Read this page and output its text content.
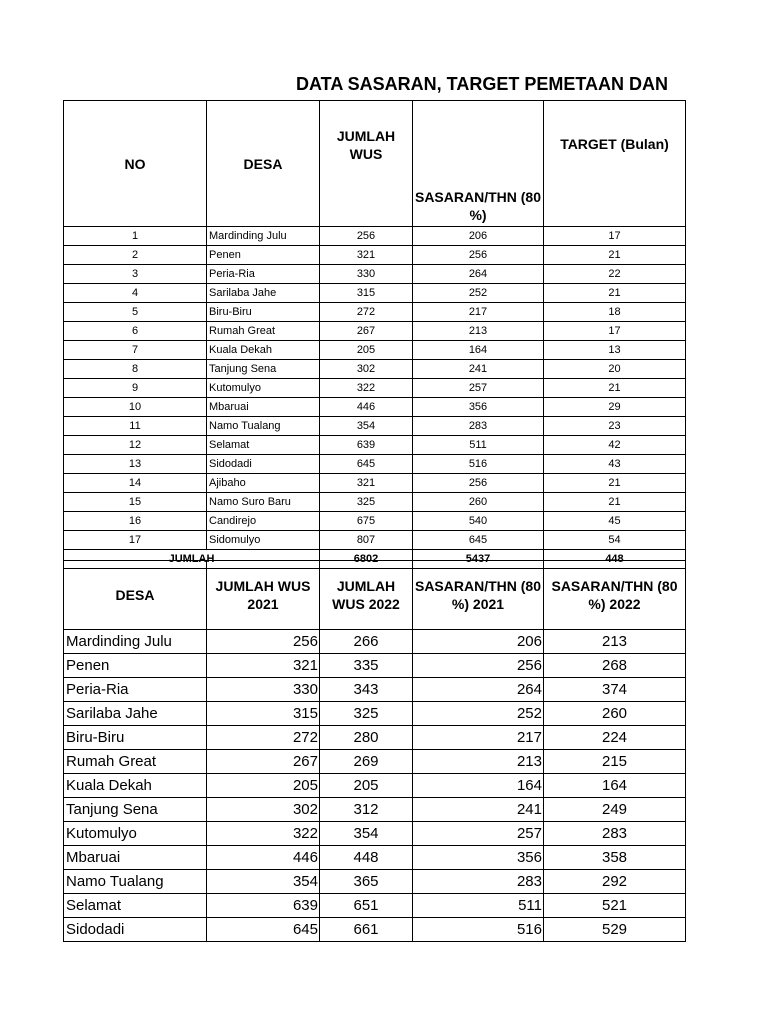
DATA SASARAN, TARGET PEMETAAN DAN
NO	DESA	JUMLAH WUS	SASARAN/THN (80 %)	TARGET (Bulan)
1	Mardinding Julu	256	206	17
2	Penen	321	256	21
3	Peria-Ria	330	264	22
4	Sarilaba Jahe	315	252	21
5	Biru-Biru	272	217	18
6	Rumah Great	267	213	17
7	Kuala Dekah	205	164	13
8	Tanjung Sena	302	241	20
9	Kutomulyo	322	257	21
10	Mbaruai	446	356	29
11	Namo Tualang	354	283	23
12	Selamat	639	511	42
13	Sidodadi	645	516	43
14	Ajibaho	321	256	21
15	Namo Suro Baru	325	260	21
16	Candirejo	675	540	45
17	Sidomulyo	807	645	54
JUMLAH		6802	5437	448
DESA	JUMLAH WUS 2021	JUMLAH WUS 2022	SASARAN/THN (80 %) 2021	SASARAN/THN (80 %) 2022
Mardinding Julu	256	266	206	213
Penen	321	335	256	268
Peria-Ria	330	343	264	374
Sarilaba Jahe	315	325	252	260
Biru-Biru	272	280	217	224
Rumah Great	267	269	213	215
Kuala Dekah	205	205	164	164
Tanjung Sena	302	312	241	249
Kutomulyo	322	354	257	283
Mbaruai	446	448	356	358
Namo Tualang	354	365	283	292
Selamat	639	651	511	521
Sidodadi	645	661	516	529
